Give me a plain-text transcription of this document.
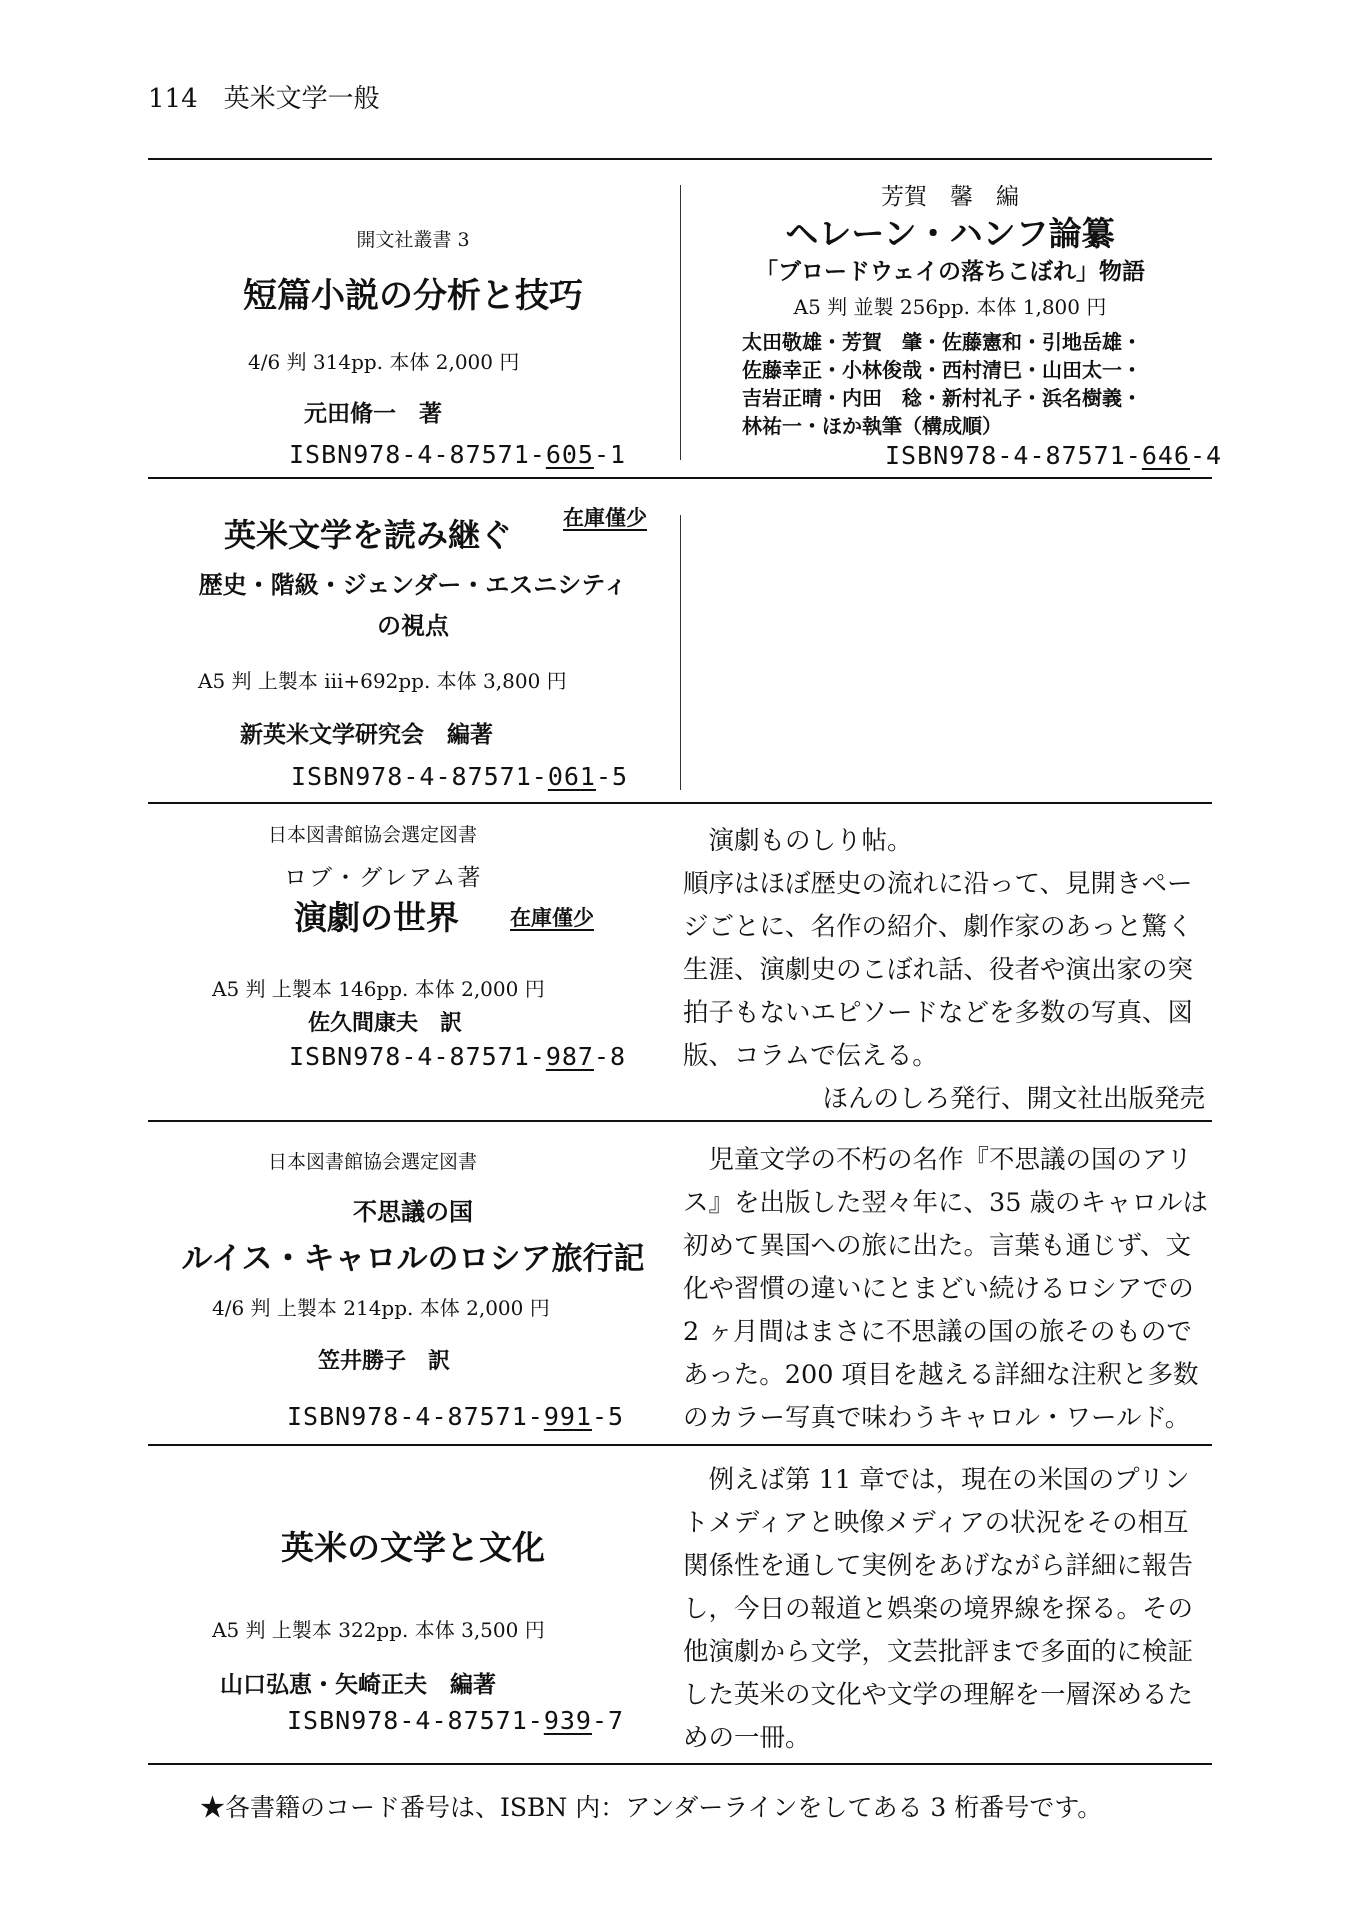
114 英米文学一般
開文社叢書 3
短篇小説の分析と技巧
4/6 判 314pp. 本体 2,000 円
元田脩一　著
ISBN978-4-87571-605-1
芳賀　馨　編
ヘレーン・ハンフ論纂
「ブロードウェイの落ちこぼれ」物語
A5 判 並製 256pp. 本体 1,800 円
太田敬雄・芳賀　肇・佐藤憲和・引地岳雄・
佐藤幸正・小林俊哉・西村清巳・山田太一・
吉岩正晴・内田　稔・新村礼子・浜名樹義・
林祐一・ほか執筆（構成順）
ISBN978-4-87571-646-4
英米文学を読み継ぐ 在庫僅少
歴史・階級・ジェンダー・エスニシティ
の視点
A5 判 上製本 iii+692pp. 本体 3,800 円
新英米文学研究会　編著
ISBN978-4-87571-061-5
日本図書館協会選定図書
ロブ・グレアム著
演劇の世界 在庫僅少
A5 判 上製本 146pp. 本体 2,000 円
佐久間康夫　訳
ISBN978-4-87571-987-8

演劇ものしり帖。

順序はほぼ歴史の流れに沿って、見開きペー

ジごとに、名作の紹介、劇作家のあっと驚く

生涯、演劇史のこぼれ話、役者や演出家の突

拍子もないエピソードなどを多数の写真、図

版、コラムで伝える。

ほんのしろ発行、開文社出版発売

日本図書館協会選定図書
不思議の国
ルイス・キャロルのロシア旅行記
4/6 判 上製本 214pp. 本体 2,000 円
笠井勝子　訳
ISBN978-4-87571-991-5

児童文学の不朽の名作『不思議の国のアリ

ス』を出版した翌々年に、35 歳のキャロルは

初めて異国への旅に出た。言葉も通じず、文

化や習慣の違いにとまどい続けるロシアでの

2 ヶ月間はまさに不思議の国の旅そのもので

あった。200 項目を越える詳細な注釈と多数

のカラー写真で味わうキャロル・ワールド。

英米の文学と文化
A5 判 上製本 322pp. 本体 3,500 円
山口弘恵・矢崎正夫　編著
ISBN978-4-87571-939-7

例えば第 11 章では，現在の米国のプリン

トメディアと映像メディアの状況をその相互

関係性を通して実例をあげながら詳細に報告

し，今日の報道と娯楽の境界線を探る。その

他演劇から文学，文芸批評まで多面的に検証

した英米の文化や文学の理解を一層深めるた

めの一冊。

★各書籍のコード番号は、ISBN 内：アンダーラインをしてある 3 桁番号です。
